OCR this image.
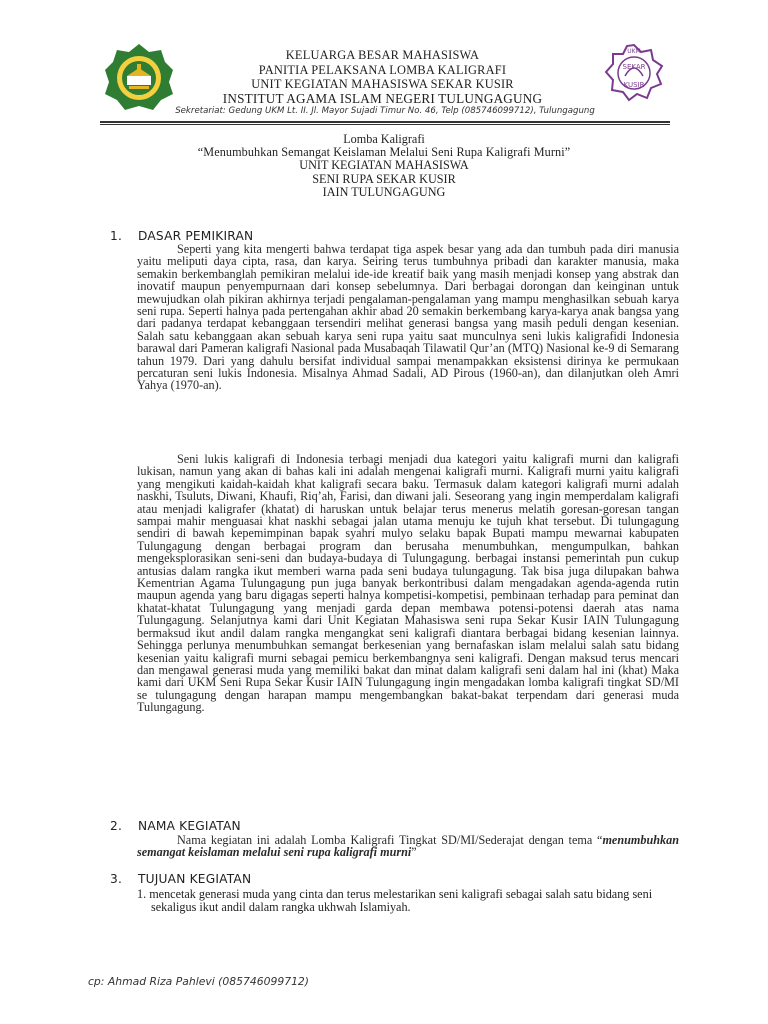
KELUARGA BESAR MAHASISWA
PANITIA PELAKSANA LOMBA KALIGRAFI
UNIT KEGIATAN MAHASISWA SEKAR KUSIR
INSTITUT AGAMA ISLAM NEGERI TULUNGAGUNG
UKM
SEKAR
KUSIR
Sekretariat: Gedung UKM Lt. II. Jl. Mayor Sujadi Timur No. 46, Telp (085746099712), Tulungagung
Lomba Kaligrafi
“Menumbuhkan Semangat Keislaman Melalui Seni Rupa Kaligrafi Murni”
UNIT KEGIATAN MAHASISWA
SENI RUPA SEKAR KUSIR
IAIN TULUNGAGUNG
1. DASAR PEMIKIRAN
Seperti yang kita mengerti bahwa terdapat tiga aspek besar yang ada dan tumbuh pada diri manusia yaitu meliputi daya cipta, rasa, dan karya. Seiring terus tumbuhnya pribadi dan karakter manusia, maka semakin berkembanglah pemikiran melalui ide-ide kreatif baik yang masih menjadi konsep yang abstrak dan inovatif maupun penyempurnaan dari konsep sebelumnya. Dari berbagai dorongan dan keinginan untuk mewujudkan olah pikiran akhirnya terjadi pengalaman-pengalaman yang mampu menghasilkan sebuah karya seni rupa. Seperti halnya pada pertengahan akhir abad 20 semakin berkembang karya-karya anak bangsa yang dari padanya terdapat kebanggaan tersendiri melihat generasi bangsa yang masih peduli dengan kesenian. Salah satu kebanggaan akan sebuah karya seni rupa yaitu saat munculnya seni lukis kaligrafidi Indonesia barawal dari Pameran kaligrafi Nasional pada Musabaqah Tilawatil Qur’an (MTQ) Nasional ke-9 di Semarang tahun 1979. Dari yang dahulu bersifat individual sampai menampakkan eksistensi dirinya ke permukaan percaturan seni lukis Indonesia. Misalnya Ahmad Sadali, AD Pirous (1960-an), dan dilanjutkan oleh Amri Yahya (1970-an).
Seni lukis kaligrafi di Indonesia terbagi menjadi dua kategori yaitu kaligrafi murni dan kaligrafi lukisan, namun yang akan di bahas kali ini adalah mengenai kaligrafi murni. Kaligrafi murni yaitu kaligrafi yang mengikuti kaidah-kaidah khat kaligrafi secara baku. Termasuk dalam kategori kaligrafi murni adalah naskhi, Tsuluts, Diwani, Khaufi, Riq’ah, Farisi, dan diwani jali. Seseorang yang ingin memperdalam kaligrafi atau menjadi kaligrafer (khatat) di haruskan untuk belajar terus menerus melatih goresan-goresan tangan sampai mahir menguasai khat naskhi sebagai jalan utama menuju ke tujuh khat tersebut. Di tulungagung sendiri di bawah kepemimpinan bapak syahri mulyo selaku bapak Bupati mampu mewarnai kabupaten Tulungagung dengan berbagai program dan berusaha menumbuhkan, mengumpulkan, bahkan mengeksplorasikan seni-seni dan budaya-budaya di Tulungagung. berbagai instansi pemerintah pun cukup antusias dalam rangka ikut memberi warna pada seni budaya tulungagung. Tak bisa juga dilupakan bahwa Kementrian Agama Tulungagung pun juga banyak berkontribusi dalam mengadakan agenda-agenda rutin maupun agenda yang baru digagas seperti halnya kompetisi-kompetisi, pembinaan terhadap para peminat dan khatat-khatat Tulungagung yang menjadi garda depan membawa potensi-potensi daerah atas nama Tulungagung. Selanjutnya kami dari Unit Kegiatan Mahasiswa seni rupa Sekar Kusir IAIN Tulungagung bermaksud ikut andil dalam rangka mengangkat seni kaligrafi diantara berbagai bidang kesenian lainnya. Sehingga perlunya menumbuhkan semangat berkesenian yang bernafaskan islam melalui salah satu bidang kesenian yaitu kaligrafi murni sebagai pemicu berkembangnya seni kaligrafi. Dengan maksud terus mencari dan mengawal generasi muda yang memiliki bakat dan minat dalam kaligrafi seni dalam hal ini (khat) Maka kami dari UKM Seni Rupa Sekar Kusir IAIN Tulungagung ingin mengadakan lomba kaligrafi tingkat SD/MI se tulungagung dengan harapan mampu mengembangkan bakat-bakat terpendam dari generasi muda Tulungagung.
2. NAMA KEGIATAN
Nama kegiatan ini adalah Lomba Kaligrafi Tingkat SD/MI/Sederajat dengan tema “menumbuhkan semangat keislaman melalui seni rupa kaligrafi murni”
3. TUJUAN KEGIATAN
1. mencetak generasi muda yang cinta dan terus melestarikan seni kaligrafi sebagai salah satu bidang seni sekaligus ikut andil dalam rangka ukhwah Islamiyah.
cp: Ahmad Riza Pahlevi (085746099712)
